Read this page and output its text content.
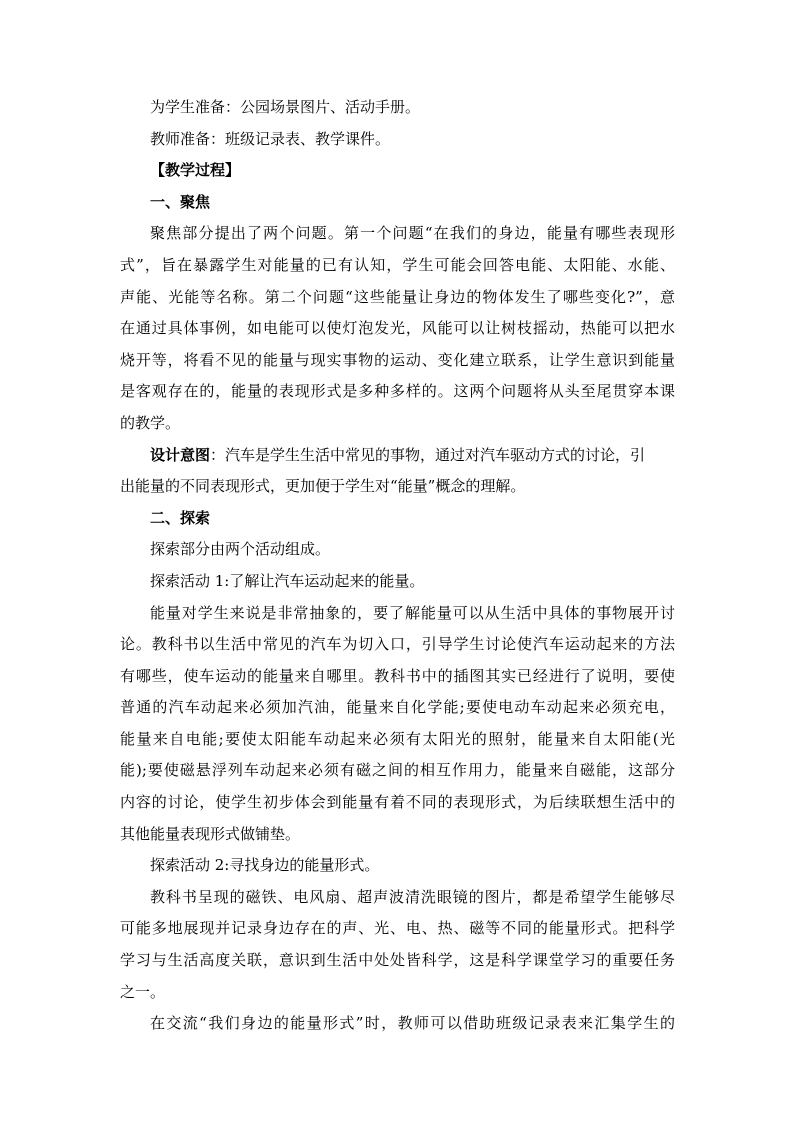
为学生准备：公园场景图片、活动手册。
教师准备：班级记录表、教学课件。
【教学过程】
一、聚焦
聚焦部分提出了两个问题。第一个问题“在我们的身边，能量有哪些表现形
式”，旨在暴露学生对能量的已有认知，学生可能会回答电能、太阳能、水能、
声能、光能等名称。第二个问题“这些能量让身边的物体发生了哪些变化?”，意
在通过具体事例，如电能可以使灯泡发光，风能可以让树枝摇动，热能可以把水
烧开等，将看不见的能量与现实事物的运动、变化建立联系，让学生意识到能量
是客观存在的，能量的表现形式是多种多样的。这两个问题将从头至尾贯穿本课
的教学。
设计意图：汽车是学生生活中常见的事物，通过对汽车驱动方式的讨论，引
出能量的不同表现形式，更加便于学生对“能量”概念的理解。
二、探索
探索部分由两个活动组成。
探索活动 1:了解让汽车运动起来的能量。
能量对学生来说是非常抽象的，要了解能量可以从生活中具体的事物展开讨
论。教科书以生活中常见的汽车为切入口，引导学生讨论使汽车运动起来的方法
有哪些，使车运动的能量来自哪里。教科书中的插图其实已经进行了说明，要使
普通的汽车动起来必须加汽油，能量来自化学能;要使电动车动起来必须充电，
能量来自电能;要使太阳能车动起来必须有太阳光的照射，能量来自太阳能(光
能);要使磁悬浮列车动起来必须有磁之间的相互作用力，能量来自磁能，这部分
内容的讨论，使学生初步体会到能量有着不同的表现形式，为后续联想生活中的
其他能量表现形式做铺垫。
探索活动 2:寻找身边的能量形式。
教科书呈现的磁铁、电风扇、超声波清洗眼镜的图片，都是希望学生能够尽
可能多地展现并记录身边存在的声、光、电、热、磁等不同的能量形式。把科学
学习与生活高度关联，意识到生活中处处皆科学，这是科学课堂学习的重要任务
之一。
在交流“我们身边的能量形式”时，教师可以借助班级记录表来汇集学生的
